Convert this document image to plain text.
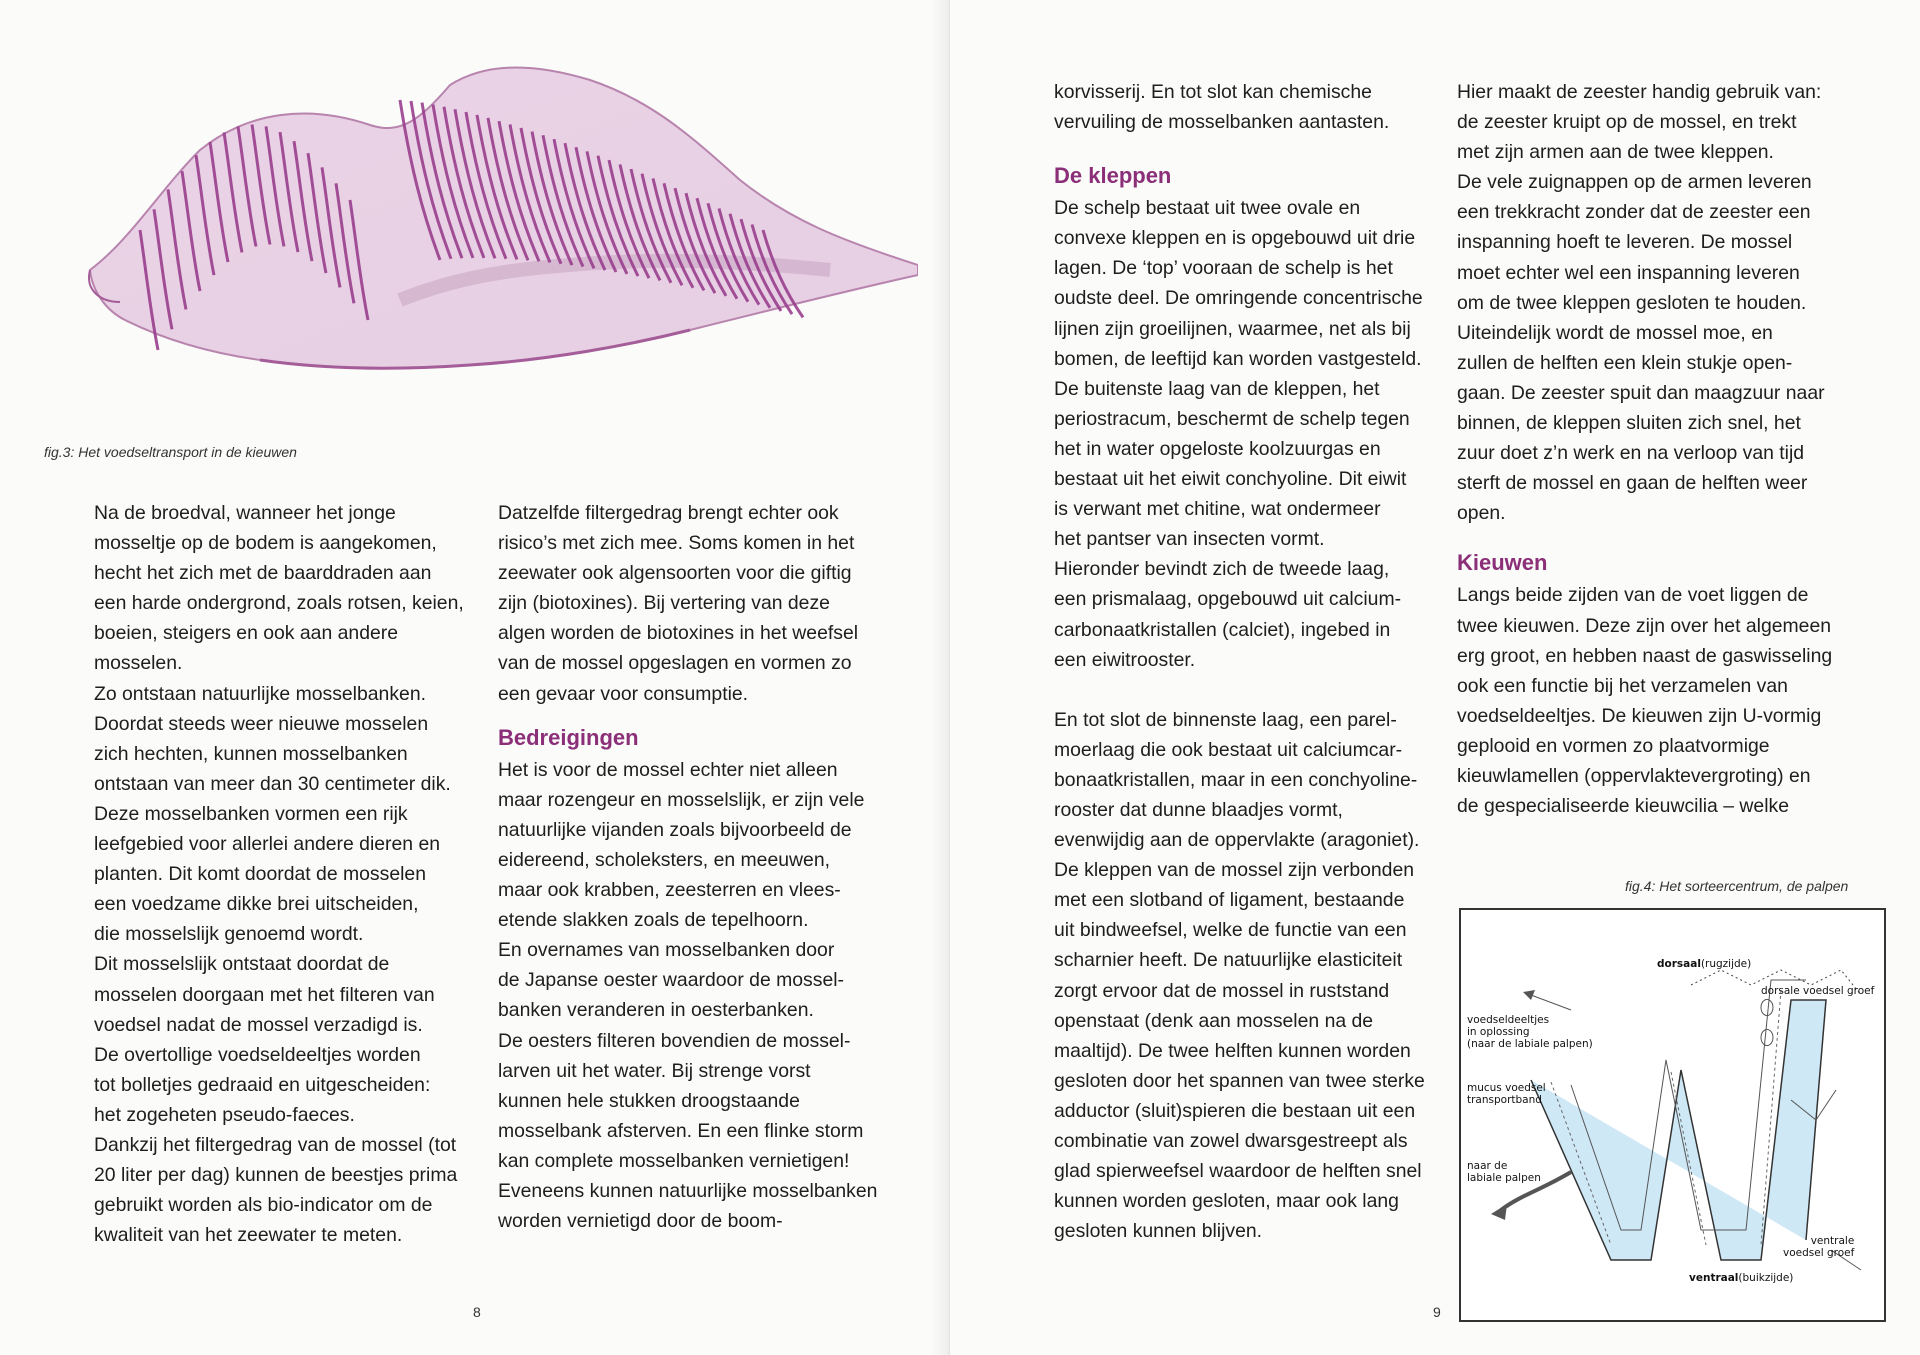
fig.3: Het voedseltransport in de kieuwen

Na de broedval, wanneer het jonge

mosseltje op de bodem is aangekomen,

hecht het zich met de baarddraden aan

een harde ondergrond, zoals rotsen, keien,

boeien, steigers en ook aan andere

mosselen.

Zo ontstaan natuurlijke mosselbanken.

Doordat steeds weer nieuwe mosselen

zich hechten, kunnen mosselbanken

ontstaan van meer dan 30 centimeter dik.

Deze mosselbanken vormen een rijk

leefgebied voor allerlei andere dieren en

planten. Dit komt doordat de mosselen

een voedzame dikke brei uitscheiden,

die mosselslijk genoemd wordt.

Dit mosselslijk ontstaat doordat de

mosselen doorgaan met het filteren van

voedsel nadat de mossel verzadigd is.

De overtollige voedseldeeltjes worden

tot bolletjes gedraaid en uitgescheiden:

het zogeheten pseudo-faeces.

Dankzij het filtergedrag van de mossel (tot

20 liter per dag) kunnen de beestjes prima

gebruikt worden als bio-indicator om de

kwaliteit van het zeewater te meten.

Datzelfde filtergedrag brengt echter ook

risico’s met zich mee. Soms komen in het

zeewater ook algensoorten voor die giftig

zijn (biotoxines). Bij vertering van deze

algen worden de biotoxines in het weefsel

van de mossel opgeslagen en vormen zo

een gevaar voor consumptie.

Bedreigingen

Het is voor de mossel echter niet alleen

maar rozengeur en mosselslijk, er zijn vele

natuurlijke vijanden zoals bijvoorbeeld de

eidereend, scholeksters, en meeuwen,

maar ook krabben, zeesterren en vlees-

etende slakken zoals de tepelhoorn.

En overnames van mosselbanken door

de Japanse oester waardoor de mossel-

banken veranderen in oesterbanken.

De oesters filteren bovendien de mossel-

larven uit het water. Bij strenge vorst

kunnen hele stukken droogstaande

mosselbank afsterven. En een flinke storm

kan complete mosselbanken vernietigen!

Eveneens kunnen natuurlijke mosselbanken

worden vernietigd door de boom-

8

korvisserij. En tot slot kan chemische

vervuiling de mosselbanken aantasten.

De kleppen

De schelp bestaat uit twee ovale en

convexe kleppen en is opgebouwd uit drie

lagen. De ‘top’ vooraan de schelp is het

oudste deel. De omringende concentrische

lijnen zijn groeilijnen, waarmee, net als bij

bomen, de leeftijd kan worden vastgesteld.

De buitenste laag van de kleppen, het

periostracum, beschermt de schelp tegen

het in water opgeloste koolzuurgas en

bestaat uit het eiwit conchyoline. Dit eiwit

is verwant met chitine, wat ondermeer

het pantser van insecten vormt.

Hieronder bevindt zich de tweede laag,

een prismalaag, opgebouwd uit calcium-

carbonaatkristallen (calciet), ingebed in

een eiwitrooster.

En tot slot de binnenste laag, een parel-

moerlaag die ook bestaat uit calciumcar-

bonaatkristallen, maar in een conchyoline-

rooster dat dunne blaadjes vormt,

evenwijdig aan de oppervlakte (aragoniet).

De kleppen van de mossel zijn verbonden

met een slotband of ligament, bestaande

uit bindweefsel, welke de functie van een

scharnier heeft. De natuurlijke elasticiteit

zorgt ervoor dat de mossel in ruststand

openstaat (denk aan mosselen na de

maaltijd). De twee helften kunnen worden

gesloten door het spannen van twee sterke

adductor (sluit)spieren die bestaan uit een

combinatie van zowel dwarsgestreept als

glad spierweefsel waardoor de helften snel

kunnen worden gesloten, maar ook lang

gesloten kunnen blijven.

Hier maakt de zeester handig gebruik van:

de zeester kruipt op de mossel, en trekt

met zijn armen aan de twee kleppen.

De vele zuignappen op de armen leveren

een trekkracht zonder dat de zeester een

inspanning hoeft te leveren. De mossel

moet echter wel een inspanning leveren

om de twee kleppen gesloten te houden.

Uiteindelijk wordt de mossel moe, en

zullen de helften een klein stukje open-

gaan. De zeester spuit dan maagzuur naar

binnen, de kleppen sluiten zich snel, het

zuur doet z’n werk en na verloop van tijd

sterft de mossel en gaan de helften weer

open.

Kieuwen

Langs beide zijden van de voet liggen de

twee kieuwen. Deze zijn over het algemeen

erg groot, en hebben naast de gaswisseling

ook een functie bij het verzamelen van

voedseldeeltjes. De kieuwen zijn U-vormig

geplooid en vormen zo plaatvormige

kieuwlamellen (oppervlaktevergroting) en

de gespecialiseerde kieuwcilia – welke

fig.4: Het sorteercentrum, de palpen
9
dorsaal(rugzijde)
dorsale voedsel groef
voedseldeeltjes
in oplossing
(naar de labiale palpen)
mucus voedsel
transportband
naar de
labiale palpen
ventrale
voedsel groef
ventraal(buikzijde)
